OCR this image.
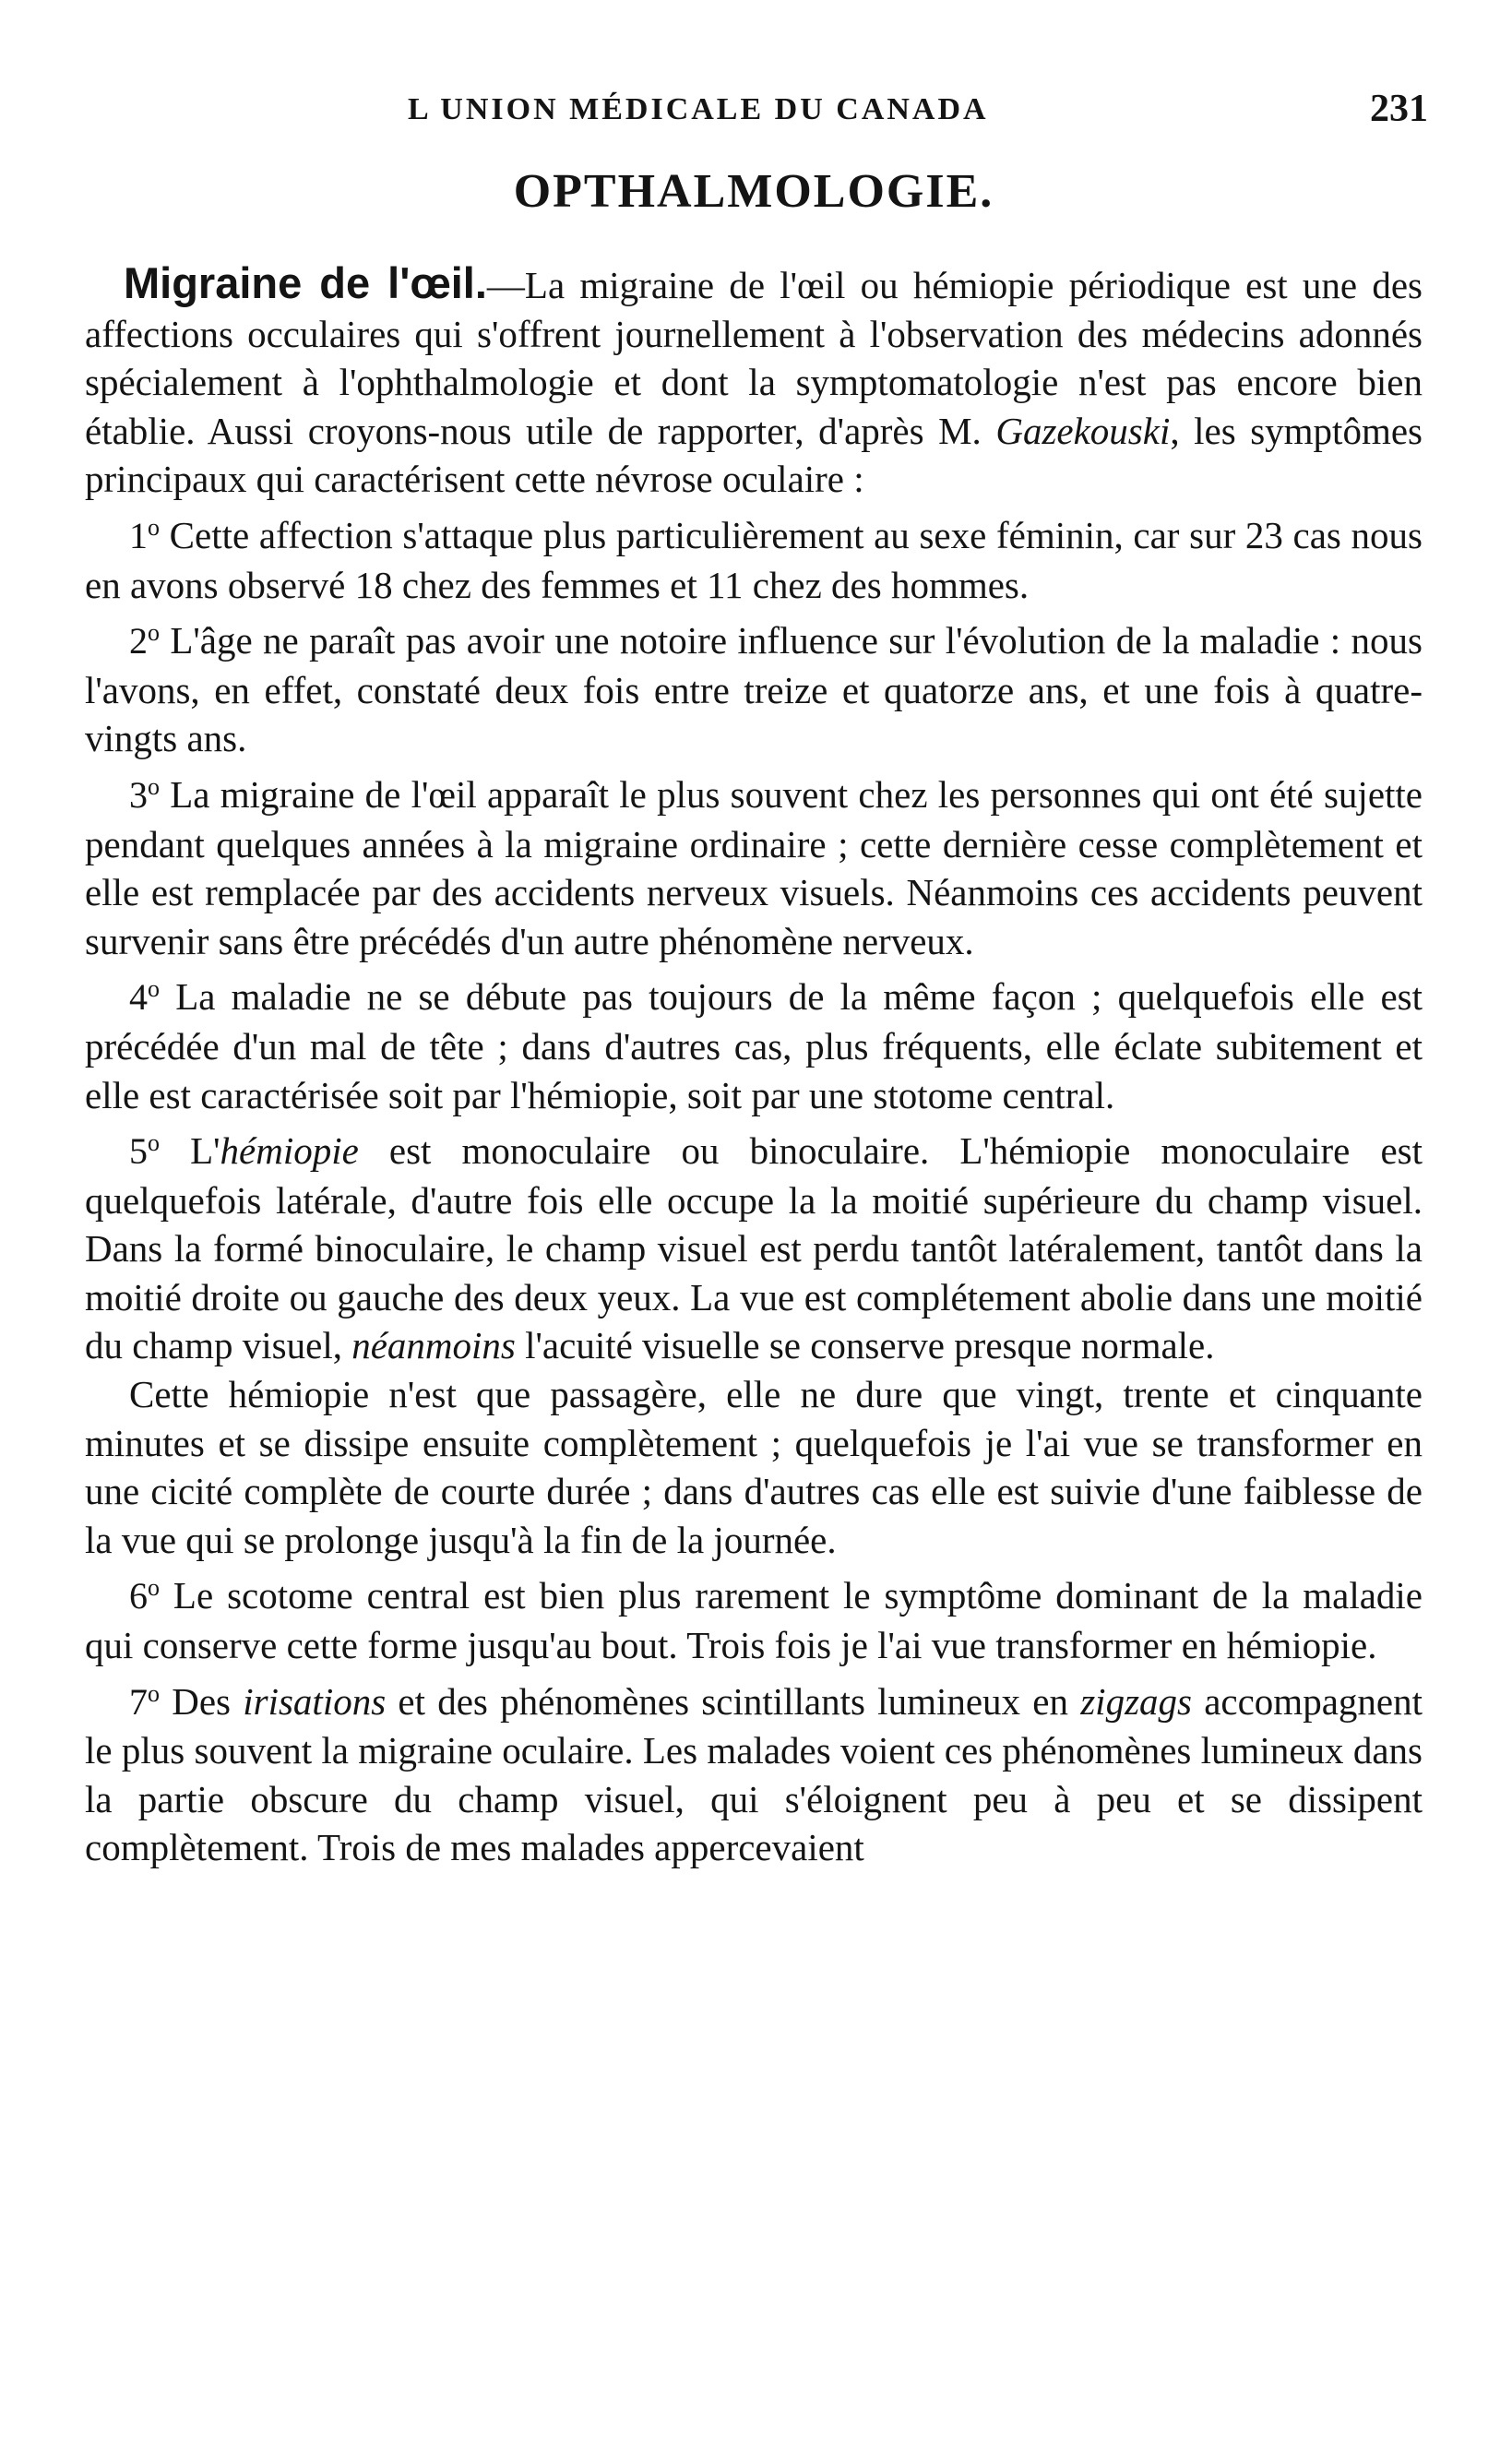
L UNION MÉDICALE DU CANADA	231
OPTHALMOLOGIE.

Migraine de l'œil.—La migraine de l'œil ou hémiopie périodique est une des affections occulaires qui s'offrent journellement à l'observation des médecins adonnés spécialement à l'ophthalmologie et dont la symptomatologie n'est pas encore bien établie. Aussi croyons-nous utile de rapporter, d'après M. Gazekouski, les symptômes principaux qui caractérisent cette névrose oculaire :

1$^o$ Cette affection s'attaque plus particulièrement au sexe féminin, car sur 23 cas nous en avons observé 18 chez des femmes et 11 chez des hommes.

2$^o$ L'âge ne paraît pas avoir une notoire influence sur l'évolution de la maladie : nous l'avons, en effet, constaté deux fois entre treize et quatorze ans, et une fois à quatre-vingts ans.

3$^o$ La migraine de l'œil apparaît le plus souvent chez les personnes qui ont été sujette pendant quelques années à la migraine ordinaire ; cette dernière cesse complètement et elle est remplacée par des accidents nerveux visuels. Néanmoins ces accidents peuvent survenir sans être précédés d'un autre phénomène nerveux.

4$^o$ La maladie ne se débute pas toujours de la même façon ; quelquefois elle est précédée d'un mal de tête ; dans d'autres cas, plus fréquents, elle éclate subitement et elle est caractérisée soit par l'hémiopie, soit par une stotome central.

5$^o$ L'hémiopie est monoculaire ou binoculaire. L'hémiopie monoculaire est quelquefois latérale, d'autre fois elle occupe la la moitié supérieure du champ visuel. Dans la formé binoculaire, le champ visuel est perdu tantôt latéralement, tantôt dans la moitié droite ou gauche des deux yeux. La vue est complétement abolie dans une moitié du champ visuel, néanmoins l'acuité visuelle se conserve presque normale.

Cette hémiopie n'est que passagère, elle ne dure que vingt, trente et cinquante minutes et se dissipe ensuite complètement ; quelquefois je l'ai vue se transformer en une cicité complète de courte durée ; dans d'autres cas elle est suivie d'une faiblesse de la vue qui se prolonge jusqu'à la fin de la journée.

6$^o$ Le scotome central est bien plus rarement le symptôme dominant de la maladie qui conserve cette forme jusqu'au bout. Trois fois je l'ai vue transformer en hémiopie.

7$^o$ Des irisations et des phénomènes scintillants lumineux en zigzags accompagnent le plus souvent la migraine oculaire. Les malades voient ces phénomènes lumineux dans la partie obscure du champ visuel, qui s'éloignent peu à peu et se dissipent complètement. Trois de mes malades appercevaient
